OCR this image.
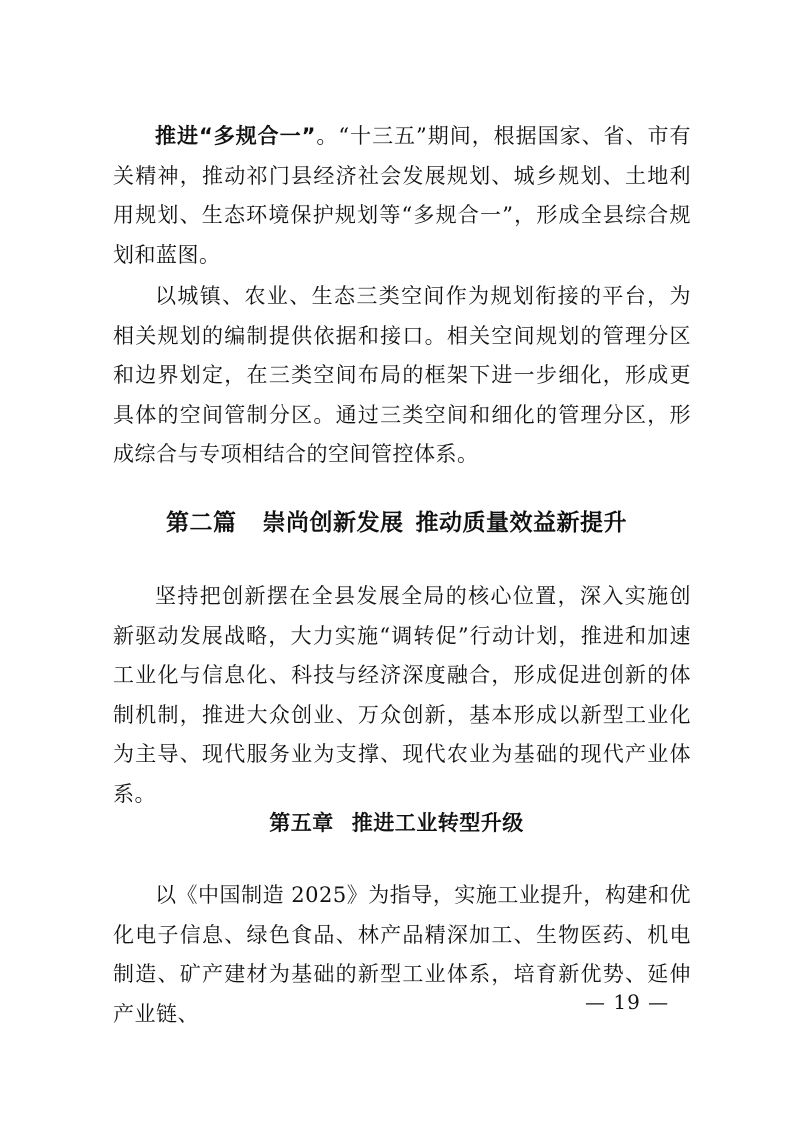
推进“多规合一”。“十三五”期间，根据国家、省、市有关精神，推动祁门县经济社会发展规划、城乡规划、土地利用规划、生态环境保护规划等“多规合一”，形成全县综合规划和蓝图。

以城镇、农业、生态三类空间作为规划衔接的平台，为相关规划的编制提供依据和接口。相关空间规划的管理分区和边界划定，在三类空间布局的框架下进一步细化，形成更具体的空间管制分区。通过三类空间和细化的管理分区，形成综合与专项相结合的空间管控体系。

第二篇 崇尚创新发展 推动质量效益新提升

坚持把创新摆在全县发展全局的核心位置，深入实施创新驱动发展战略，大力实施“调转促”行动计划，推进和加速工业化与信息化、科技与经济深度融合，形成促进创新的体制机制，推进大众创业、万众创新，基本形成以新型工业化为主导、现代服务业为支撑、现代农业为基础的现代产业体系。

第五章 推进工业转型升级

以《中国制造 2025》为指导，实施工业提升，构建和优化电子信息、绿色食品、林产品精深加工、生物医药、机电制造、矿产建材为基础的新型工业体系，培育新优势、延伸产业链、	— 19 —
